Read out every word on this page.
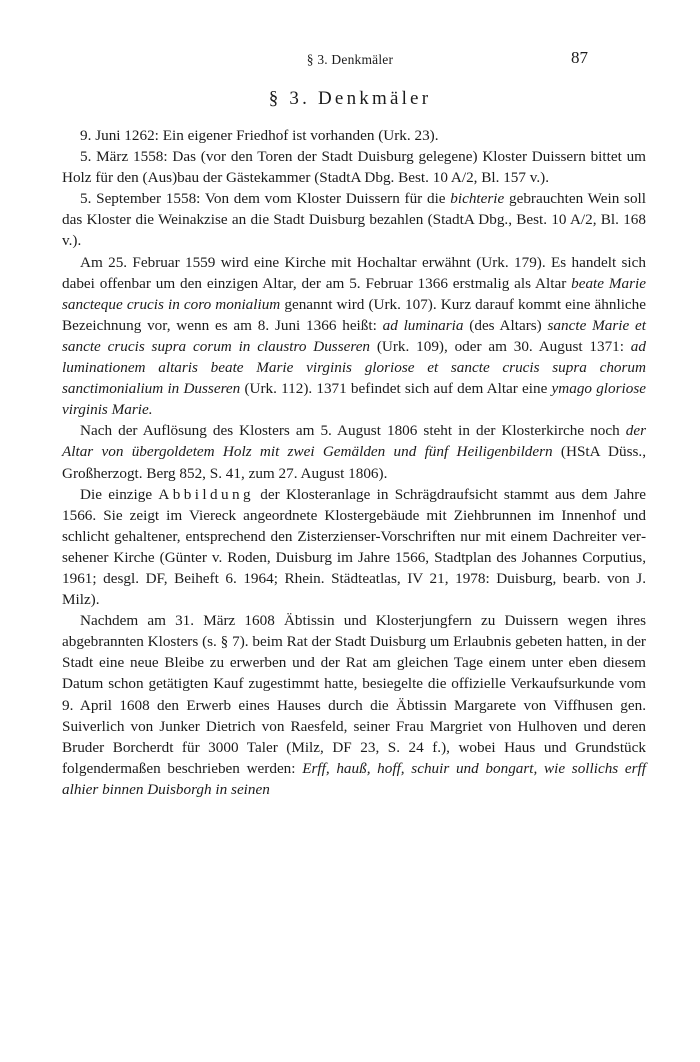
§ 3. Denkmäler	87
§ 3. Denkmäler

9. Juni 1262: Ein eigener Friedhof ist vorhanden (Urk. 23).

5. März 1558: Das (vor den Toren der Stadt Duisburg gelegene) Kloster Duissern bittet um Holz für den (Aus)bau der Gästekammer (StadtA Dbg. Best. 10 A/2, Bl. 157 v.).

5. September 1558: Von dem vom Kloster Duissern für die bichterie gebrauchten Wein soll das Kloster die Weinakzise an die Stadt Duisburg bezahlen (StadtA Dbg., Best. 10 A/2, Bl. 168 v.).

Am 25. Februar 1559 wird eine Kirche mit Hochaltar erwähnt (Urk. 179). Es handelt sich dabei offenbar um den einzigen Altar, der am 5. Februar 1366 erstmalig als Altar beate Marie sancteque crucis in coro monialium genannt wird (Urk. 107). Kurz darauf kommt eine ähnliche Bezeichnung vor, wenn es am 8. Juni 1366 heißt: ad luminaria (des Altars) sancte Marie et sancte crucis supra corum in claustro Dusseren (Urk. 109), oder am 30. August 1371: ad luminationem altaris beate Marie virginis gloriose et sancte crucis supra chorum sanctimonialium in Dusseren (Urk. 112). 1371 befindet sich auf dem Altar eine ymago gloriose virginis Marie.

Nach der Auflösung des Klosters am 5. August 1806 steht in der Klosterkirche noch der Altar von übergoldetem Holz mit zwei Gemälden und fünf Heiligenbildern (HStA Düss., Großherzogt. Berg 852, S. 41, zum 27. August 1806).

Die einzige Abbildung der Klosteranlage in Schrägdraufsicht stammt aus dem Jahre 1566. Sie zeigt im Viereck angeordnete Klostergebäude mit Ziehbrunnen im Innenhof und schlicht gehaltener, entsprechend den Zisterzienser-Vorschriften nur mit einem Dachreiter versehener Kirche (Günter v. Roden, Duisburg im Jahre 1566, Stadtplan des Johannes Corputius, 1961; desgl. DF, Beiheft 6. 1964; Rhein. Städteatlas, IV 21, 1978: Duisburg, bearb. von J. Milz).

Nachdem am 31. März 1608 Äbtissin und Klosterjungfern zu Duissern wegen ihres abgebrannten Klosters (s. § 7). beim Rat der Stadt Duisburg um Erlaubnis gebeten hatten, in der Stadt eine neue Bleibe zu erwerben und der Rat am gleichen Tage einem unter eben diesem Datum schon getätigten Kauf zugestimmt hatte, besiegelte die offizielle Verkaufsurkunde vom 9. April 1608 den Erwerb eines Hauses durch die Äbtissin Margarete von Viffhusen gen. Suiverlich von Junker Dietrich von Raesfeld, seiner Frau Margriet von Hulhoven und deren Bruder Borcherdt für 3000 Taler (Milz, DF 23, S. 24 f.), wobei Haus und Grundstück folgendermaßen beschrieben werden: Erff, hauß, hoff, schuir und bongart, wie sollichs erff alhier binnen Duisborgh in seinen
